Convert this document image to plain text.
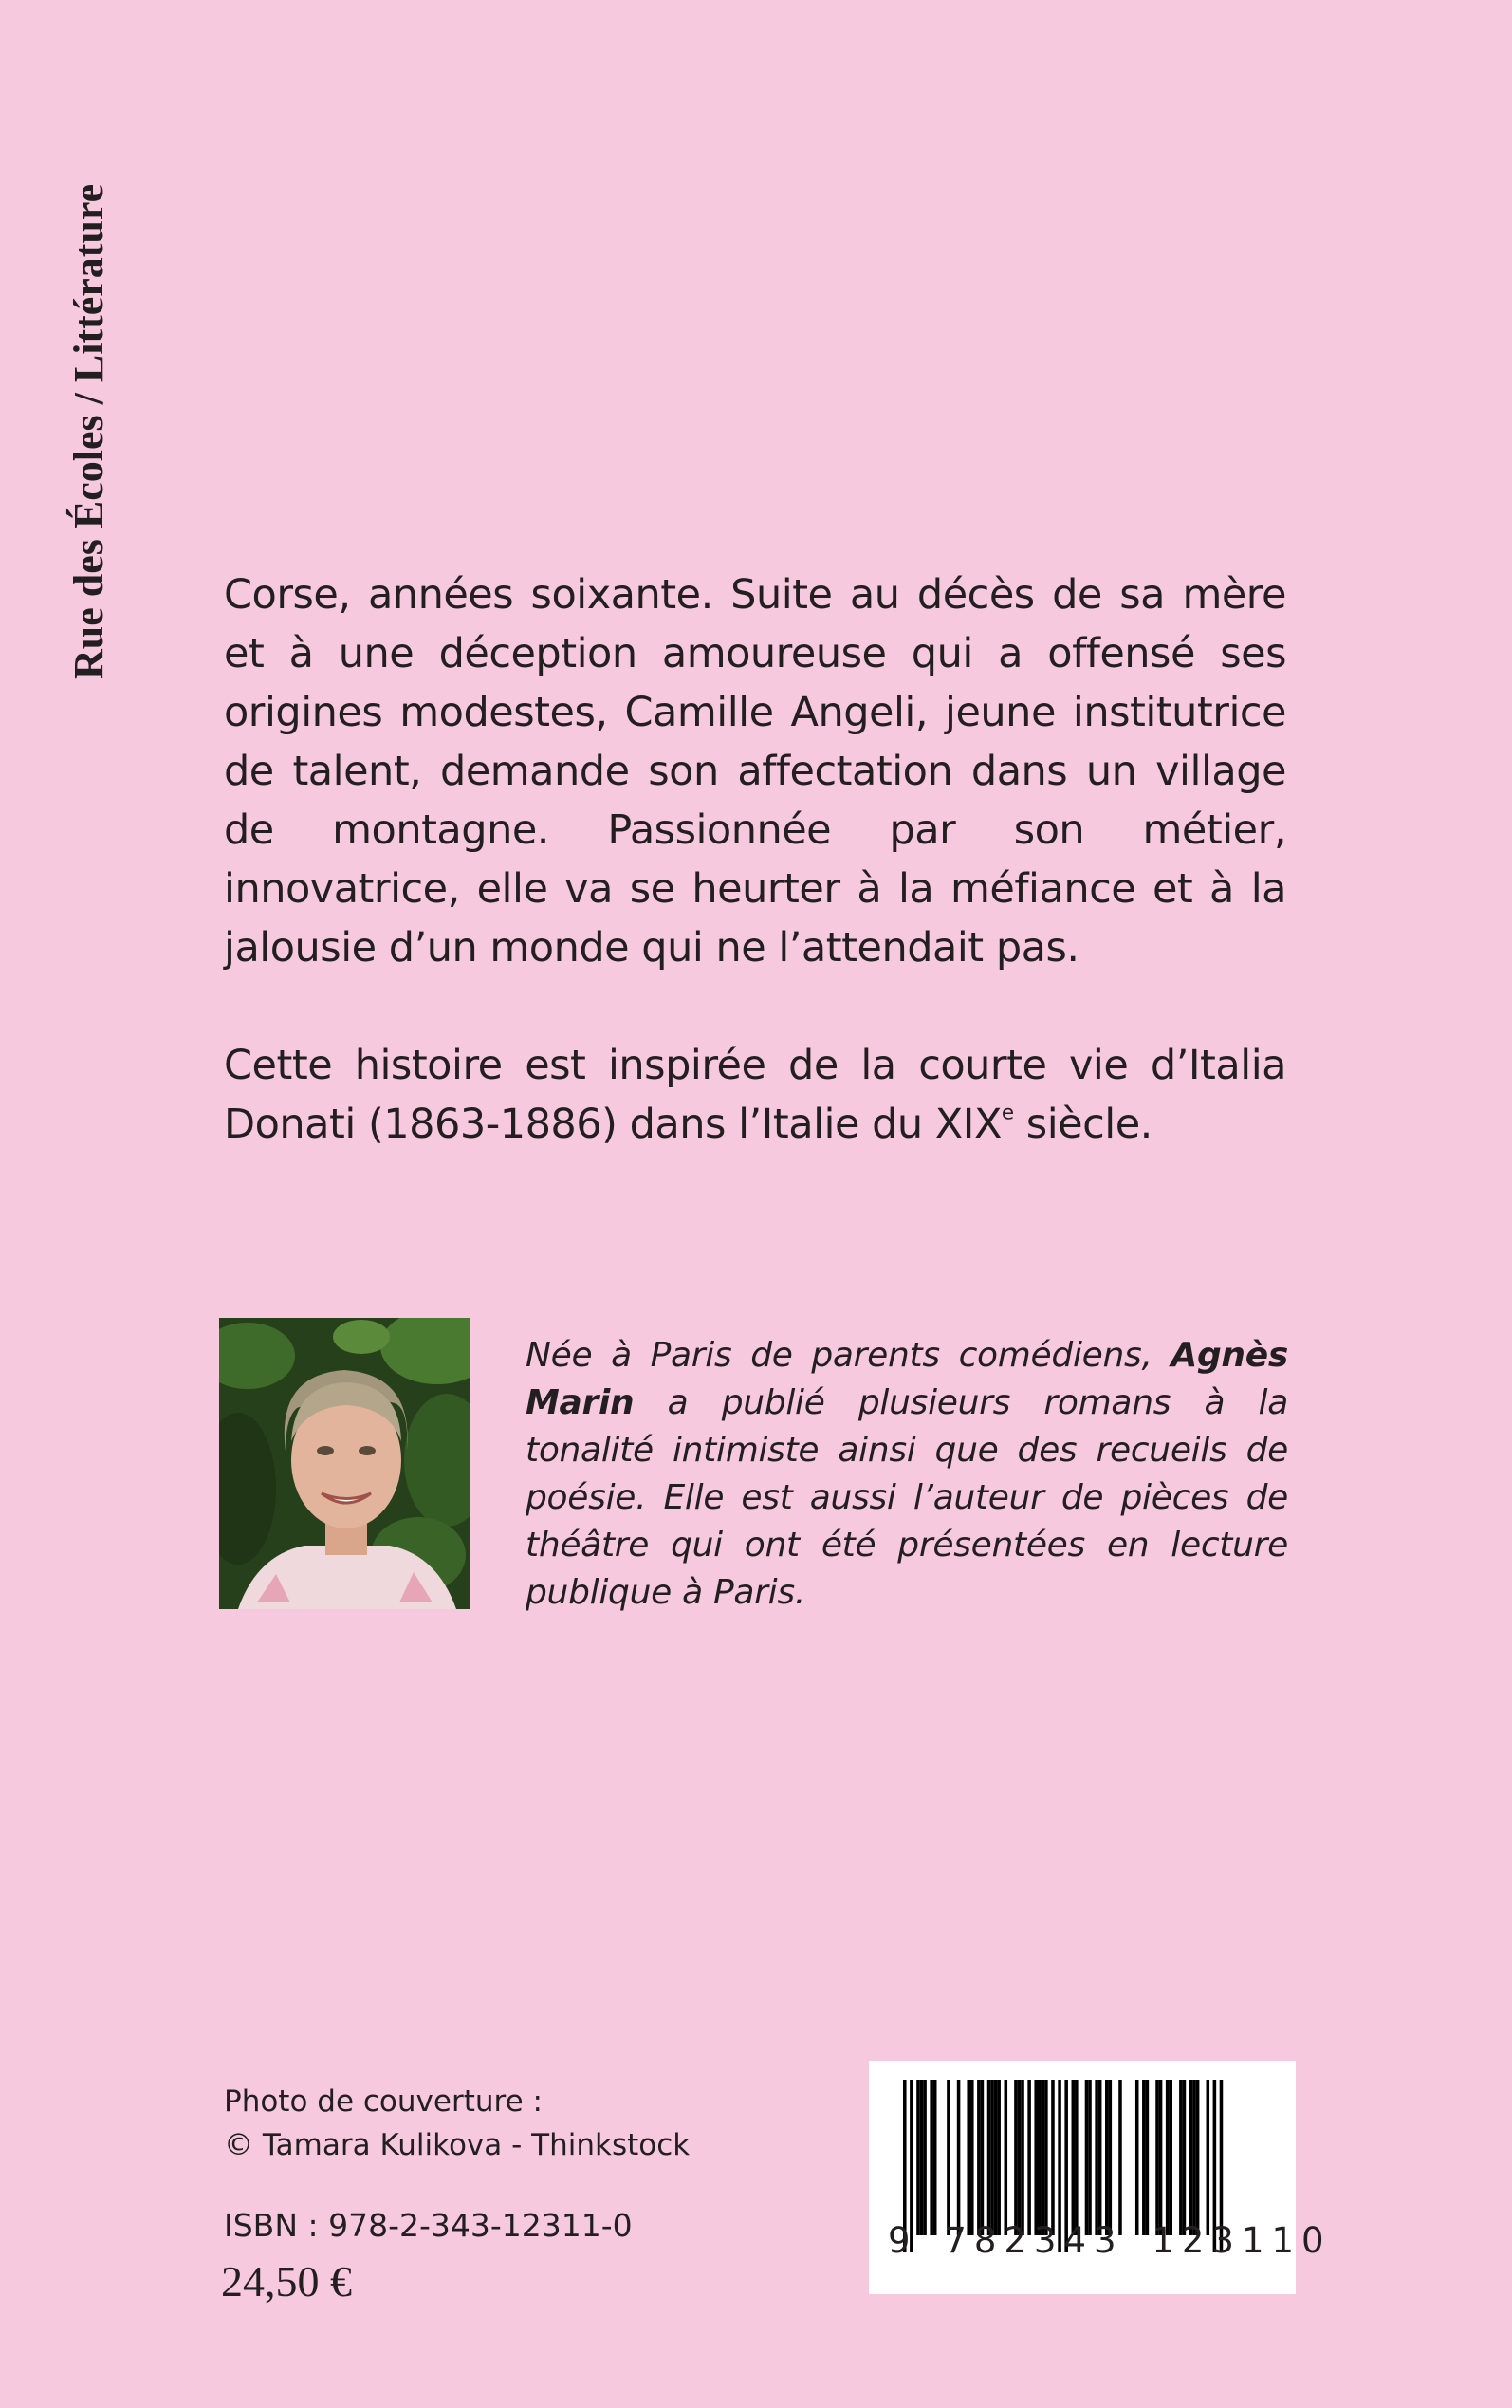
Rue des Écoles / Littérature	Corse, années soixante. Suite au décès de sa mère et à une déception amoureuse qui a offensé ses origines modestes, Camille Angeli, jeune institutrice de talent, demande son affectation dans un village de montagne. Passionnée par son métier, innovatrice, elle va se heurter à la méfiance et à la jalousie d’un monde qui ne l’attendait pas.

Cette histoire est inspirée de la courte vie d’Italia Donati (1863-1886) dans l’Italie du XIXe siècle.

Née à Paris de parents comédiens, Agnès Marin a publié plusieurs romans à la tonalité intimiste ainsi que des recueils de poésie. Elle est aussi l’auteur de pièces de théâtre qui ont été présentées en lecture publique à Paris.

Photo de couverture :
© Tamara Kulikova - Thinkstock
ISBN : 978-2-343-12311-0
24,50 €
9 782343 123110
